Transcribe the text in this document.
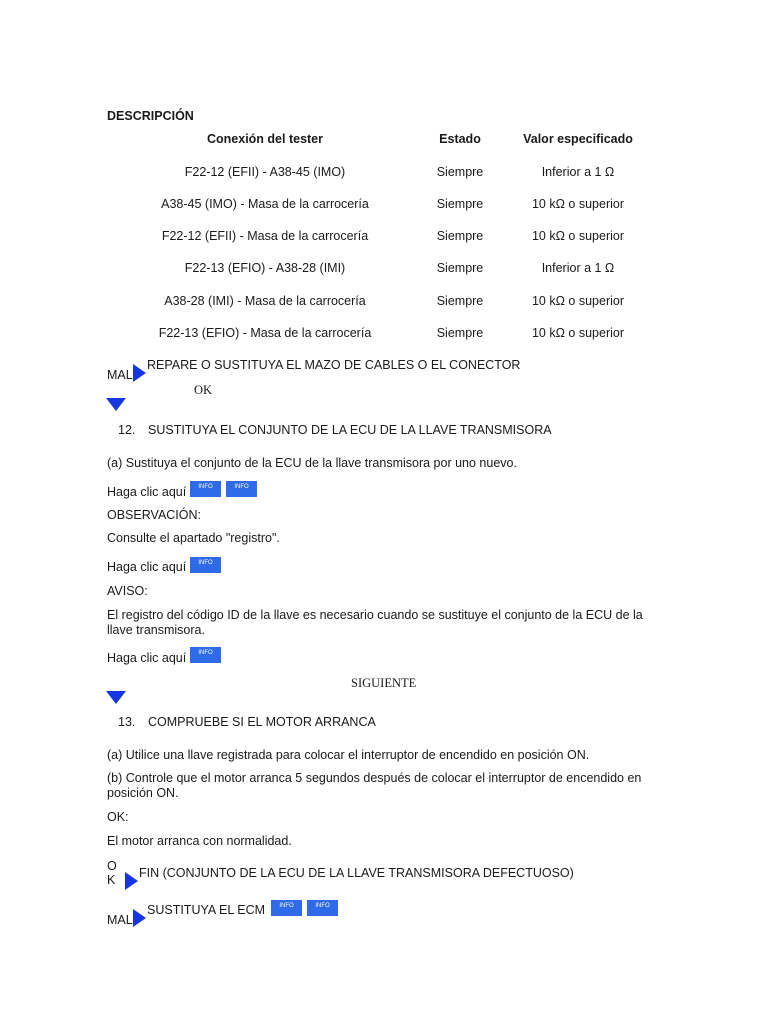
DESCRIPCIÓN
Conexión del tester	Estado	Valor especificado
F22-12 (EFII) - A38-45 (IMO)	Siempre	Inferior a 1 Ω
A38-45 (IMO) - Masa de la carrocería	Siempre	10 kΩ o superior
F22-12 (EFII) - Masa de la carrocería	Siempre	10 kΩ o superior
F22-13 (EFIO) - A38-28 (IMI)	Siempre	Inferior a 1 Ω
A38-28 (IMI) - Masa de la carrocería	Siempre	10 kΩ o superior
F22-13 (EFIO) - Masa de la carrocería	Siempre	10 kΩ o superior
MAL
REPARE O SUSTITUYA EL MAZO DE CABLES O EL CONECTOR
OK
12. SUSTITUYA EL CONJUNTO DE LA ECU DE LA LLAVE TRANSMISORA
(a) Sustituya el conjunto de la ECU de la llave transmisora por uno nuevo.
Haga clic aquí	INFO	INFO
OBSERVACIÓN:
Consulte el apartado "registro".
Haga clic aquí	INFO
AVISO:
El registro del código ID de la llave es necesario cuando se sustituye el conjunto de la ECU de la llave transmisora.
Haga clic aquí	INFO
SIGUIENTE
13. COMPRUEBE SI EL MOTOR ARRANCA
(a) Utilice una llave registrada para colocar el interruptor de encendido en posición ON.
(b) Controle que el motor arranca 5 segundos después de colocar el interruptor de encendido en posición ON.
OK:
El motor arranca con normalidad.
O K FIN (CONJUNTO DE LA ECU DE LA LLAVE TRANSMISORA DEFECTUOSO)
MAL
SUSTITUYA EL ECM	INFO	INFO
